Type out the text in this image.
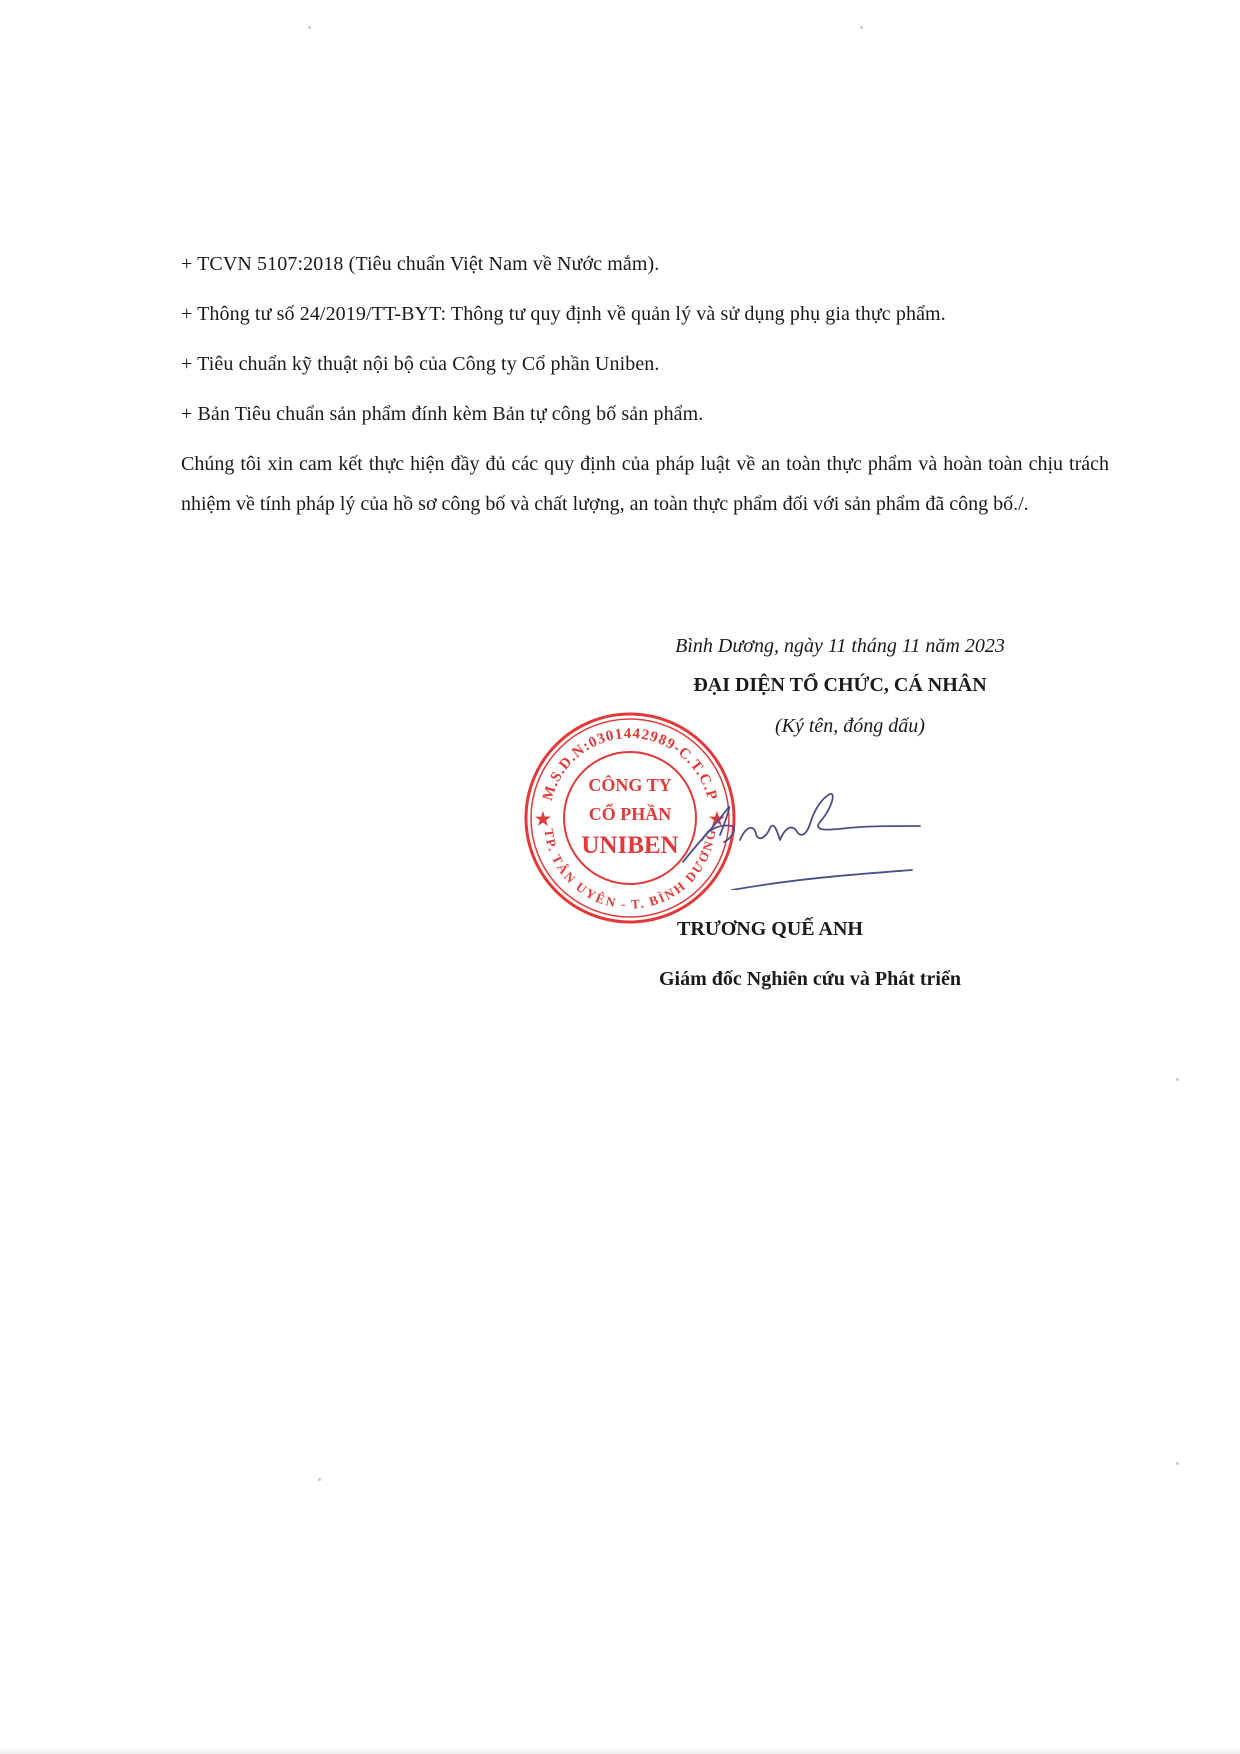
+ TCVN 5107:2018 (Tiêu chuẩn Việt Nam về Nước mắm).
+ Thông tư số 24/2019/TT-BYT: Thông tư quy định về quản lý và sử dụng phụ gia thực phẩm.
+ Tiêu chuẩn kỹ thuật nội bộ của Công ty Cổ phần Uniben.
+ Bản Tiêu chuẩn sản phẩm đính kèm Bản tự công bố sản phẩm.
Chúng tôi xin cam kết thực hiện đầy đủ các quy định của pháp luật về an toàn thực phẩm và hoàn toàn chịu trách nhiệm về tính pháp lý của hồ sơ công bố và chất lượng, an toàn thực phẩm đối với sản phẩm đã công bố./.
Bình Dương, ngày 11 tháng 11 năm 2023
ĐẠI DIỆN TỔ CHỨC, CÁ NHÂN
(Ký tên, đóng dấu)
M.S.D.N:0301442989-C.T.C.P
TP. TÂN UYÊN - T. BÌNH DƯƠNG
★	★
CÔNG TY
CỔ PHẦN
UNIBEN
TRƯƠNG QUẾ ANH
Giám đốc Nghiên cứu và Phát triển
